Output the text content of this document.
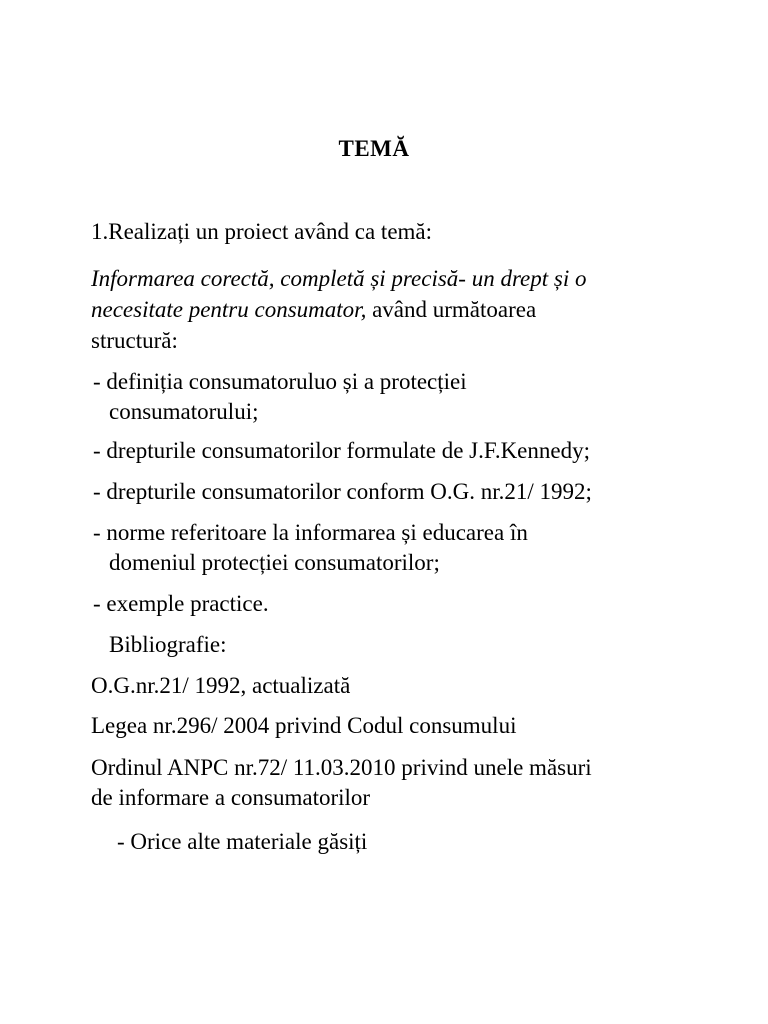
TEMĂ
1.Realizați un proiect având ca temă:
Informarea corectă, completă și precisă- un drept și o
necesitate pentru consumator, având următoarea
structură:
- definiția consumatoruluo și a protecției
consumatorului;
- drepturile consumatorilor formulate de J.F.Kennedy;
- drepturile consumatorilor conform O.G. nr.21/ 1992;
- norme referitoare la informarea și educarea în
domeniul protecției consumatorilor;
- exemple practice.
Bibliografie:
O.G.nr.21/ 1992, actualizată
Legea nr.296/ 2004 privind Codul consumului
Ordinul ANPC nr.72/ 11.03.2010 privind unele măsuri
de informare a consumatorilor
- Orice alte materiale găsiți
